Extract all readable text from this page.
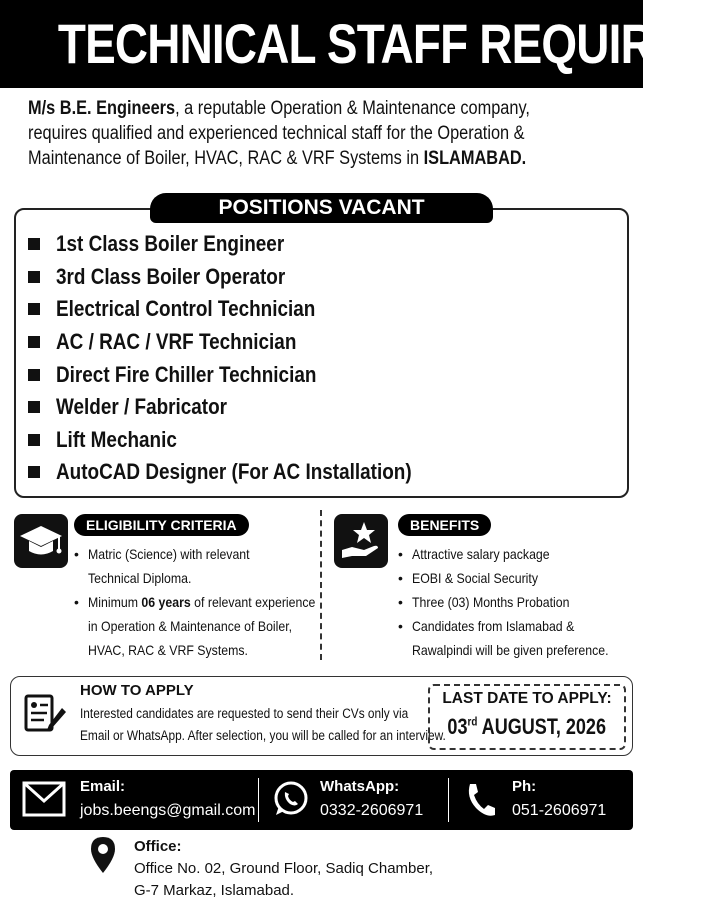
TECHNICAL STAFF REQUIRED
M/s B.E. Engineers, a reputable Operation & Maintenance company,
requires qualified and experienced technical staff for the Operation &
Maintenance of Boiler, HVAC, RAC & VRF Systems in ISLAMABAD.
POSITIONS VACANT
1st Class Boiler Engineer
3rd Class Boiler Operator
Electrical Control Technician
AC / RAC / VRF Technician
Direct Fire Chiller Technician
Welder / Fabricator
Lift Mechanic
AutoCAD Designer (For AC Installation)
ELIGIBILITY CRITERIA
• Matric (Science) with relevant
Technical Diploma.
• Minimum 06 years of relevant experience
in Operation & Maintenance of Boiler,
HVAC, RAC & VRF Systems.
BENEFITS
• Attractive salary package
• EOBI & Social Security
• Three (03) Months Probation
• Candidates from Islamabad &
Rawalpindi will be given preference.
HOW TO APPLY
Interested candidates are requested to send their CVs only via
Email or WhatsApp. After selection, you will be called for an interview.
LAST DATE TO APPLY:
03rd AUGUST, 2026
Email:
jobs.beengs@gmail.com
WhatsApp:
0332-2606971
Ph:
051-2606971
Office:
Office No. 02, Ground Floor, Sadiq Chamber,
G-7 Markaz, Islamabad.
